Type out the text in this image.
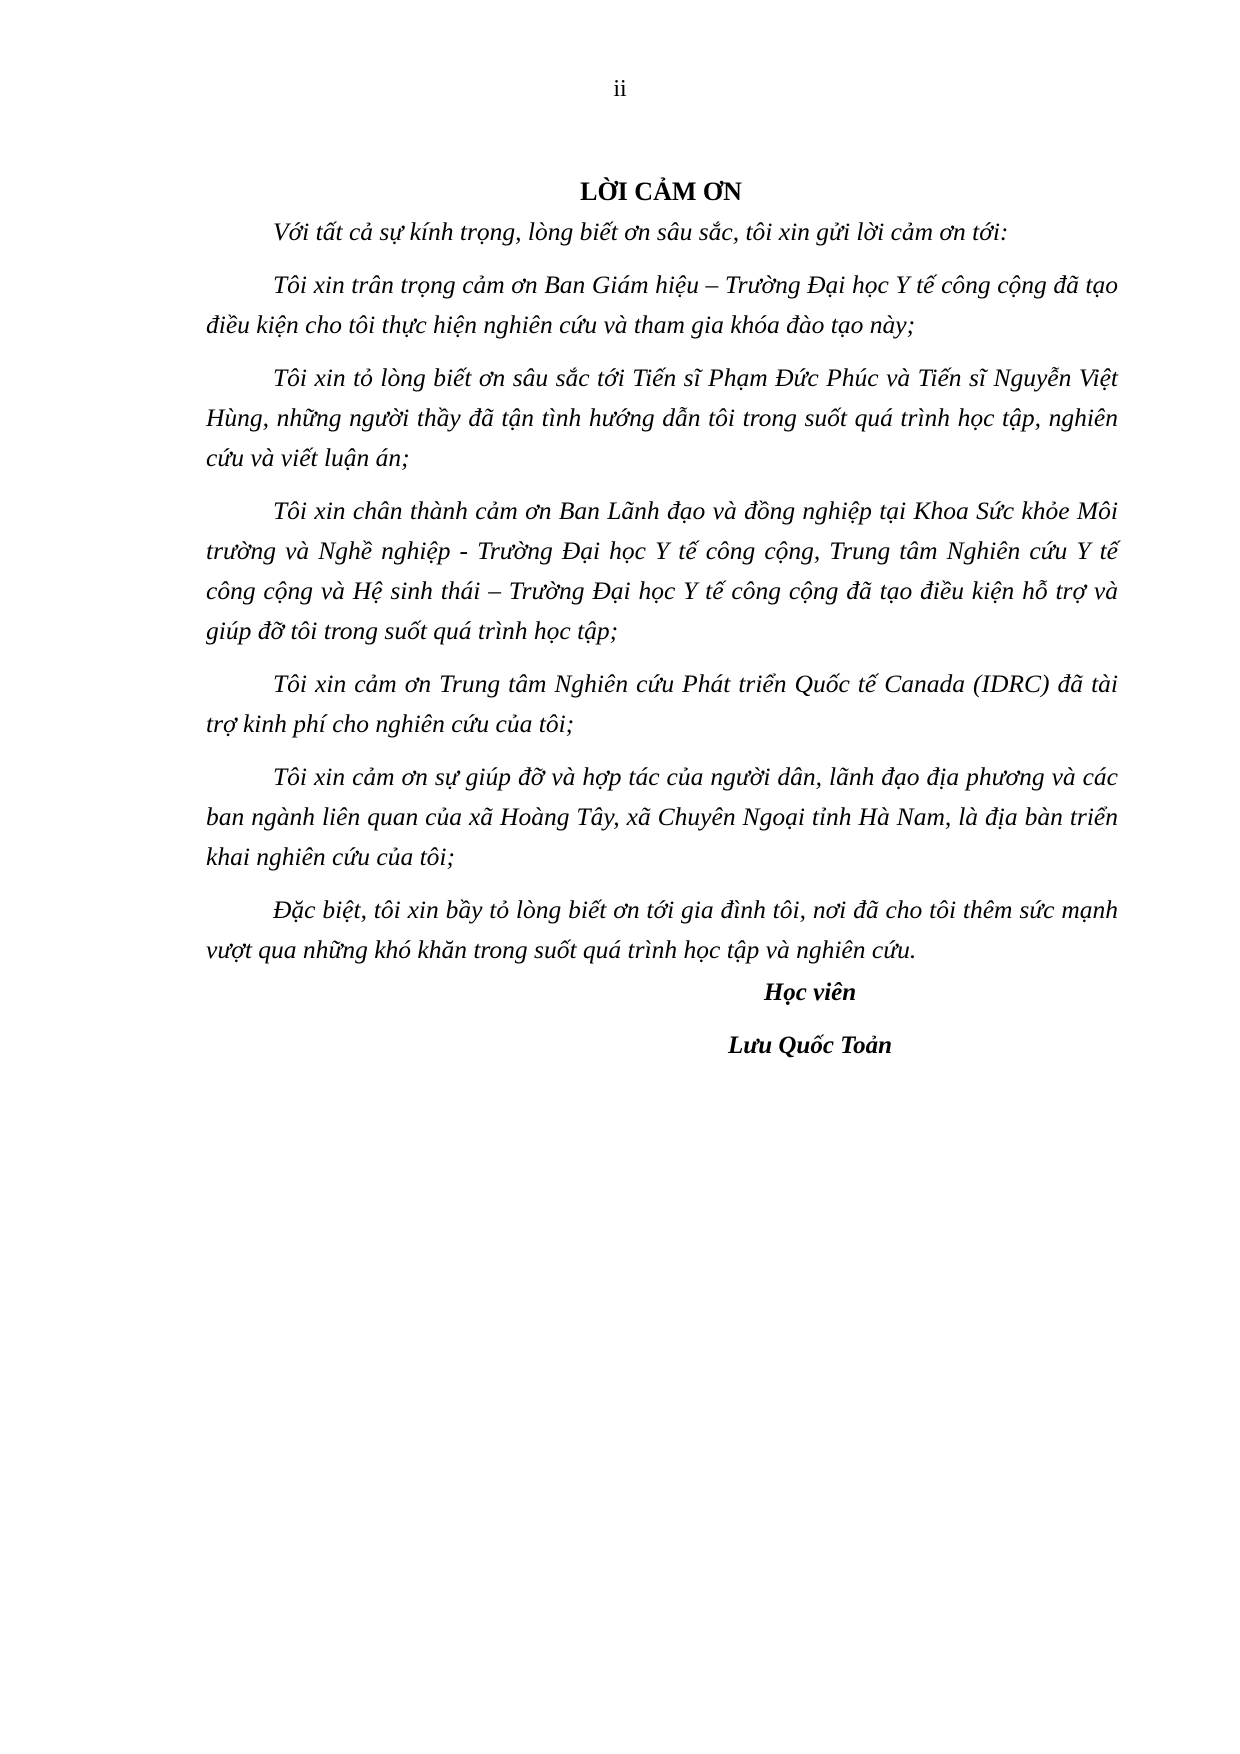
ii
LỜI CẢM ƠN

Với tất cả sự kính trọng, lòng biết ơn sâu sắc, tôi xin gửi lời cảm ơn tới:

Tôi xin trân trọng cảm ơn Ban Giám hiệu – Trường Đại học Y tế công cộng đã tạo điều kiện cho tôi thực hiện nghiên cứu và tham gia khóa đào tạo này;

Tôi xin tỏ lòng biết ơn sâu sắc tới Tiến sĩ Phạm Đức Phúc và Tiến sĩ Nguyễn Việt Hùng, những người thầy đã tận tình hướng dẫn tôi trong suốt quá trình học tập, nghiên cứu và viết luận án;

Tôi xin chân thành cảm ơn Ban Lãnh đạo và đồng nghiệp tại Khoa Sức khỏe Môi trường và Nghề nghiệp - Trường Đại học Y tế công cộng, Trung tâm Nghiên cứu Y tế công cộng và Hệ sinh thái – Trường Đại học Y tế công cộng đã tạo điều kiện hỗ trợ và giúp đỡ tôi trong suốt quá trình học tập;

Tôi xin cảm ơn Trung tâm Nghiên cứu Phát triển Quốc tế Canada (IDRC) đã tài trợ kinh phí cho nghiên cứu của tôi;

Tôi xin cảm ơn sự giúp đỡ và hợp tác của người dân, lãnh đạo địa phương và các ban ngành liên quan của xã Hoàng Tây, xã Chuyên Ngoại tỉnh Hà Nam, là địa bàn triển khai nghiên cứu của tôi;

Đặc biệt, tôi xin bầy tỏ lòng biết ơn tới gia đình tôi, nơi đã cho tôi thêm sức mạnh vượt qua những khó khăn trong suốt quá trình học tập và nghiên cứu.

Học viên
Lưu Quốc Toản
